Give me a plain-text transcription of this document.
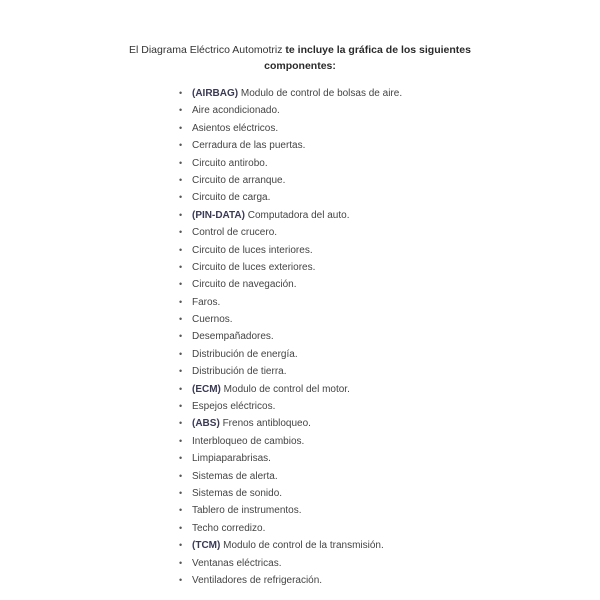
El Diagrama Eléctrico Automotriz te incluye la gráfica de los siguientes
componentes:
• (AIRBAG) Modulo de control de bolsas de aire.
• Aire acondicionado.
• Asientos eléctricos.
• Cerradura de las puertas.
• Circuito antirobo.
• Circuito de arranque.
• Circuito de carga.
• (PIN-DATA) Computadora del auto.
• Control de crucero.
• Circuito de luces interiores.
• Circuito de luces exteriores.
• Circuito de navegación.
• Faros.
• Cuernos.
• Desempañadores.
• Distribución de energía.
• Distribución de tierra.
• (ECM) Modulo de control del motor.
• Espejos eléctricos.
• (ABS) Frenos antibloqueo.
• Interbloqueo de cambios.
• Limpiaparabrisas.
• Sistemas de alerta.
• Sistemas de sonido.
• Tablero de instrumentos.
• Techo corredizo.
• (TCM) Modulo de control de la transmisión.
• Ventanas eléctricas.
• Ventiladores de refrigeración.
